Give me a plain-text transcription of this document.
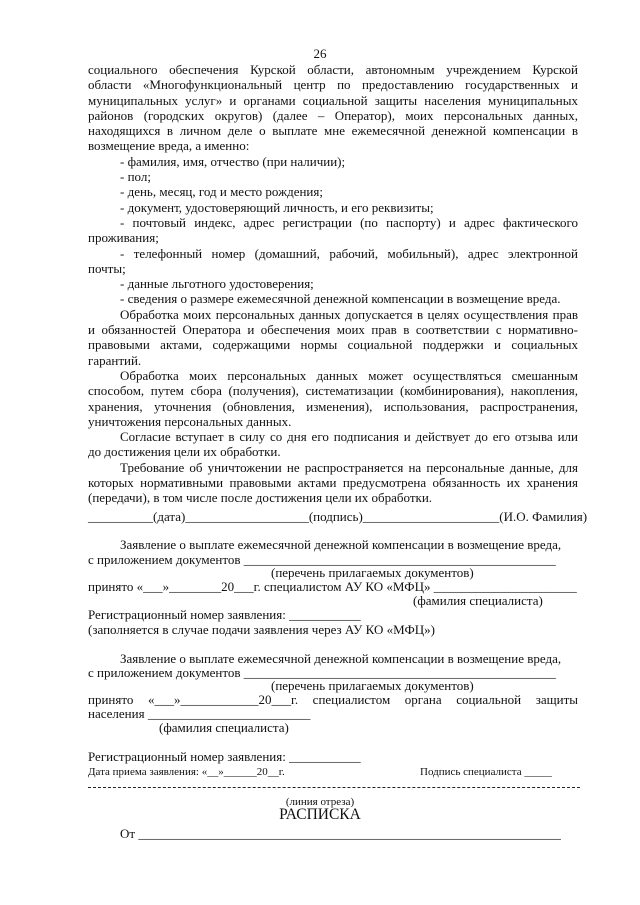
26
социального обеспечения Курской области, автономным учреждением Курской
области «Многофункциональный центр по предоставлению государственных и
муниципальных услуг» и органами социальной защиты населения муниципальных
районов (городских округов) (далее – Оператор), моих персональных данных,
находящихся в личном деле о выплате мне ежемесячной денежной компенсации в
возмещение вреда, а именно:
- фамилия, имя, отчество (при наличии);
- пол;
- день, месяц, год и место рождения;
- документ, удостоверяющий личность, и его реквизиты;
- почтовый индекс, адрес регистрации (по паспорту) и адрес фактического
проживания;
- телефонный номер (домашний, рабочий, мобильный), адрес электронной
почты;
- данные льготного удостоверения;
- сведения о размере ежемесячной денежной компенсации в возмещение вреда.
Обработка моих персональных данных допускается в целях осуществления прав
и обязанностей Оператора и обеспечения моих прав в соответствии с нормативно-
правовыми актами, содержащими нормы социальной поддержки и социальных
гарантий.
Обработка моих персональных данных может осуществляться смешанным
способом, путем сбора (получения), систематизации (комбинирования), накопления,
хранения, уточнения (обновления, изменения), использования, распространения,
уничтожения персональных данных.
Согласие вступает в силу со дня его подписания и действует до его отзыва или
до достижения цели их обработки.
Требование об уничтожении не распространяется на персональные данные, для
которых нормативными правовыми актами предусмотрена обязанность их хранения
(передачи), в том числе после достижения цели их обработки.
__________(дата)___________________(подпись)_____________________(И.О. Фамилия)
Заявление о выплате ежемесячной денежной компенсации в возмещение вреда,
с приложением документов ________________________________________________
(перечень прилагаемых документов)
принято «___»________20___г. специалистом АУ КО «МФЦ» ______________________
(фамилия специалиста)
Регистрационный номер заявления: ___________
(заполняется в случае подачи заявления через АУ КО «МФЦ»)
Заявление о выплате ежемесячной денежной компенсации в возмещение вреда,
с приложением документов ________________________________________________
(перечень прилагаемых документов)
принято «___»____________20___г. специалистом органа социальной защиты
населения _________________________
(фамилия специалиста)
Регистрационный номер заявления: ___________
Дата приема заявления: «__»______20__г.	Подпись специалиста _____
(линия отреза)
РАСПИСКА
От _________________________________________________________________
